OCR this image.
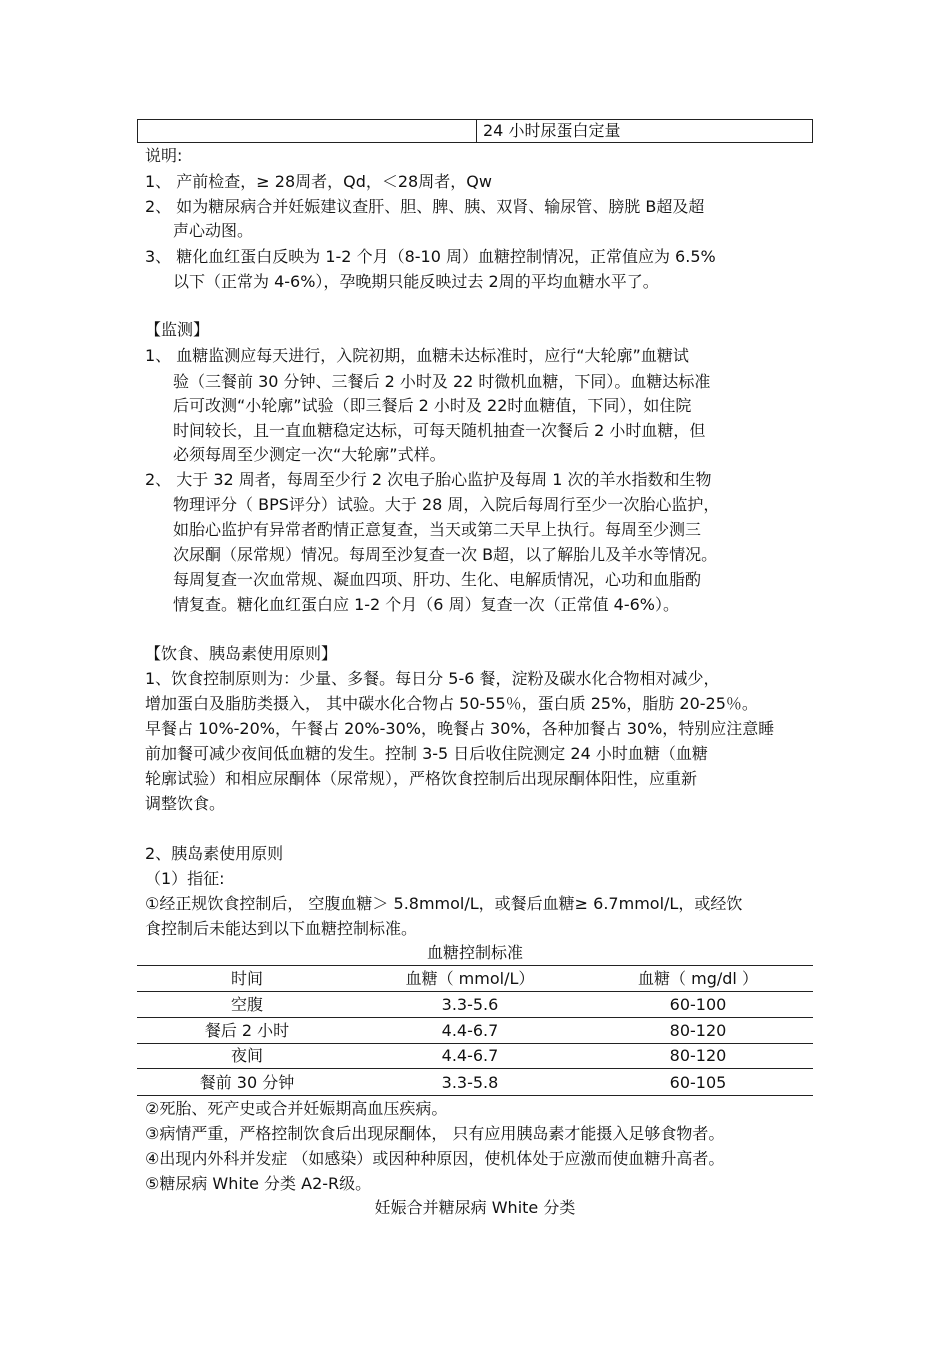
24 小时尿蛋白定量
说明:
1、 产前检查，≥ 28周者，Qd，＜28周者，Qw
2、 如为糖尿病合并妊娠建议查肝、胆、脾、胰、双肾、输尿管、膀胱 B超及超
声心动图。
3、 糖化血红蛋白反映为 1-2 个月（8-10 周）血糖控制情况，正常值应为 6.5%
以下（正常为 4-6%），孕晚期只能反映过去 2周的平均血糖水平了。
【监测】
1、 血糖监测应每天进行，入院初期，血糖未达标准时，应行“大轮廓”血糖试
验（三餐前 30 分钟、三餐后 2 小时及 22 时微机血糖，下同）。血糖达标准
后可改测“小轮廓”试验（即三餐后 2 小时及 22时血糖值，下同），如住院
时间较长，且一直血糖稳定达标，可每天随机抽查一次餐后 2 小时血糖，但
必须每周至少测定一次“大轮廓”式样。
2、 大于 32 周者，每周至少行 2 次电子胎心监护及每周 1 次的羊水指数和生物
物理评分（ BPS评分）试验。大于 28 周，入院后每周行至少一次胎心监护，
如胎心监护有异常者酌情正意复查，当天或第二天早上执行。每周至少测三
次尿酮（尿常规）情况。每周至沙复查一次 B超，以了解胎儿及羊水等情况。
每周复查一次血常规、凝血四项、肝功、生化、电解质情况，心功和血脂酌
情复查。糖化血红蛋白应 1-2 个月（6 周）复查一次（正常值 4-6%）。
【饮食、胰岛素使用原则】
1、饮食控制原则为：少量、多餐。每日分 5-6 餐，淀粉及碳水化合物相对减少，
增加蛋白及脂肪类摄入， 其中碳水化合物占 50-55％，蛋白质 25%，脂肪 20-25％。
早餐占 10%-20%，午餐占 20%-30%，晚餐占 30%，各种加餐占 30%，特别应注意睡
前加餐可减少夜间低血糖的发生。控制 3-5 日后收住院测定 24 小时血糖（血糖
轮廓试验）和相应尿酮体（尿常规），严格饮食控制后出现尿酮体阳性，应重新
调整饮食。
2、胰岛素使用原则
（1）指征:
①经正规饮食控制后， 空腹血糖＞ 5.8mmol/L，或餐后血糖≥ 6.7mmol/L，或经饮
食控制后未能达到以下血糖控制标准。
血糖控制标准
时间	血糖（ mmol/L）	血糖（ mg/dl ）
空腹	3.3-5.6	60-100
餐后 2 小时	4.4-6.7	80-120
夜间	4.4-6.7	80-120
餐前 30 分钟	3.3-5.8	60-105
②死胎、死产史或合并妊娠期高血压疾病。
③病情严重，严格控制饮食后出现尿酮体， 只有应用胰岛素才能摄入足够食物者。
④出现内外科并发症 （如感染）或因种种原因，使机体处于应激而使血糖升高者。
⑤糖尿病 White 分类 A2-R级。
妊娠合并糖尿病 White 分类
